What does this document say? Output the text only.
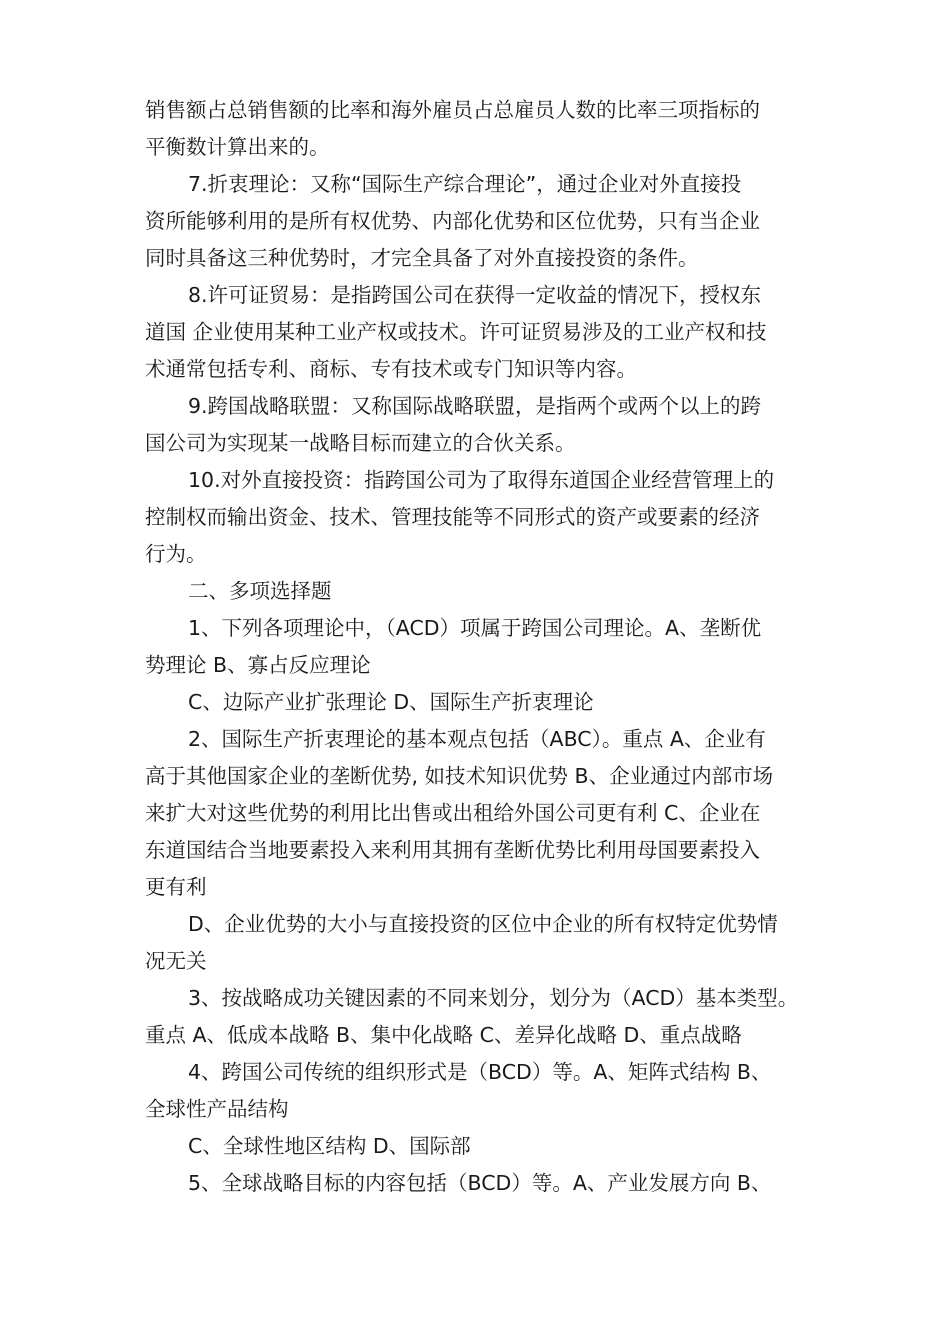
销售额占总销售额的比率和海外雇员占总雇员人数的比率三项指标的
平衡数计算出来的。
7.折衷理论：又称“国际生产综合理论”，通过企业对外直接投
资所能够利用的是所有权优势、内部化优势和区位优势，只有当企业
同时具备这三种优势时，才完全具备了对外直接投资的条件。
8.许可证贸易：是指跨国公司在获得一定收益的情况下，授权东
道国 企业使用某种工业产权或技术。许可证贸易涉及的工业产权和技
术通常包括专利、商标、专有技术或专门知识等内容。
9.跨国战略联盟：又称国际战略联盟，是指两个或两个以上的跨
国公司为实现某一战略目标而建立的合伙关系。
10.对外直接投资：指跨国公司为了取得东道国企业经营管理上的
控制权而输出资金、技术、管理技能等不同形式的资产或要素的经济
行为。
二、多项选择题
1、下列各项理论中，（ACD）项属于跨国公司理论。A、垄断优
势理论 B、寡占反应理论
C、边际产业扩张理论 D、国际生产折衷理论
2、国际生产折衷理论的基本观点包括（ABC）。重点 A、企业有
高于其他国家企业的垄断优势, 如技术知识优势 B、企业通过内部市场
来扩大对这些优势的利用比出售或出租给外国公司更有利 C、企业在
东道国结合当地要素投入来利用其拥有垄断优势比利用母国要素投入
更有利
D、企业优势的大小与直接投资的区位中企业的所有权特定优势情
况无关
3、按战略成功关键因素的不同来划分，划分为（ACD）基本类型。
重点 A、低成本战略 B、集中化战略 C、差异化战略 D、重点战略
4、跨国公司传统的组织形式是（BCD）等。A、矩阵式结构 B、
全球性产品结构
C、全球性地区结构 D、国际部
5、全球战略目标的内容包括（BCD）等。A、产业发展方向 B、
